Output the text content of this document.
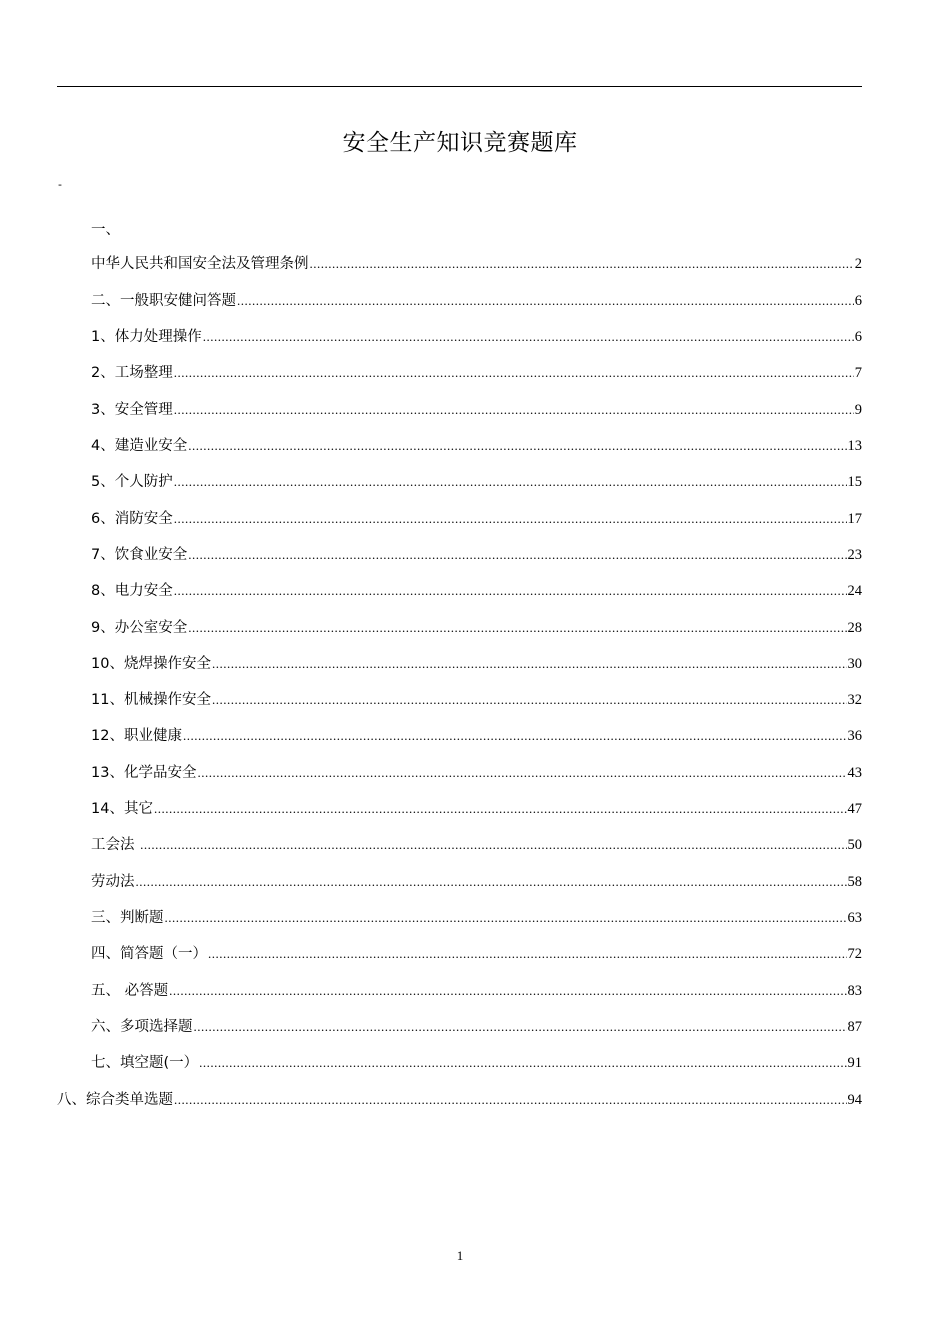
安全生产知识竞赛题库
-
一、
中华人民共和国安全法及管理条例 .....	2
二、一般职安健问答题 .....	6
1、体力处理操作 .....	6
2、工场整理 .....	7
3、安全管理 .....	9
4、建造业安全 .....	13
5、个人防护 .....	15
6、消防安全 .....	17
7、饮食业安全 .....	23
8、电力安全 .....	24
9、办公室安全 .....	28
10、烧焊操作安全 .....	30
11、机械操作安全 .....	32
12、职业健康 .....	36
13、化学品安全 .....	43
14、其它 .....	47
工会法 .....	50
劳动法 .....	58
三、判断题 .....	63
四、简答题（一） .....	72
五、 必答题 .....	83
六、多项选择题 .....	87
七、填空题(一） .....	91
八、综合类单选题 .....	94
1
